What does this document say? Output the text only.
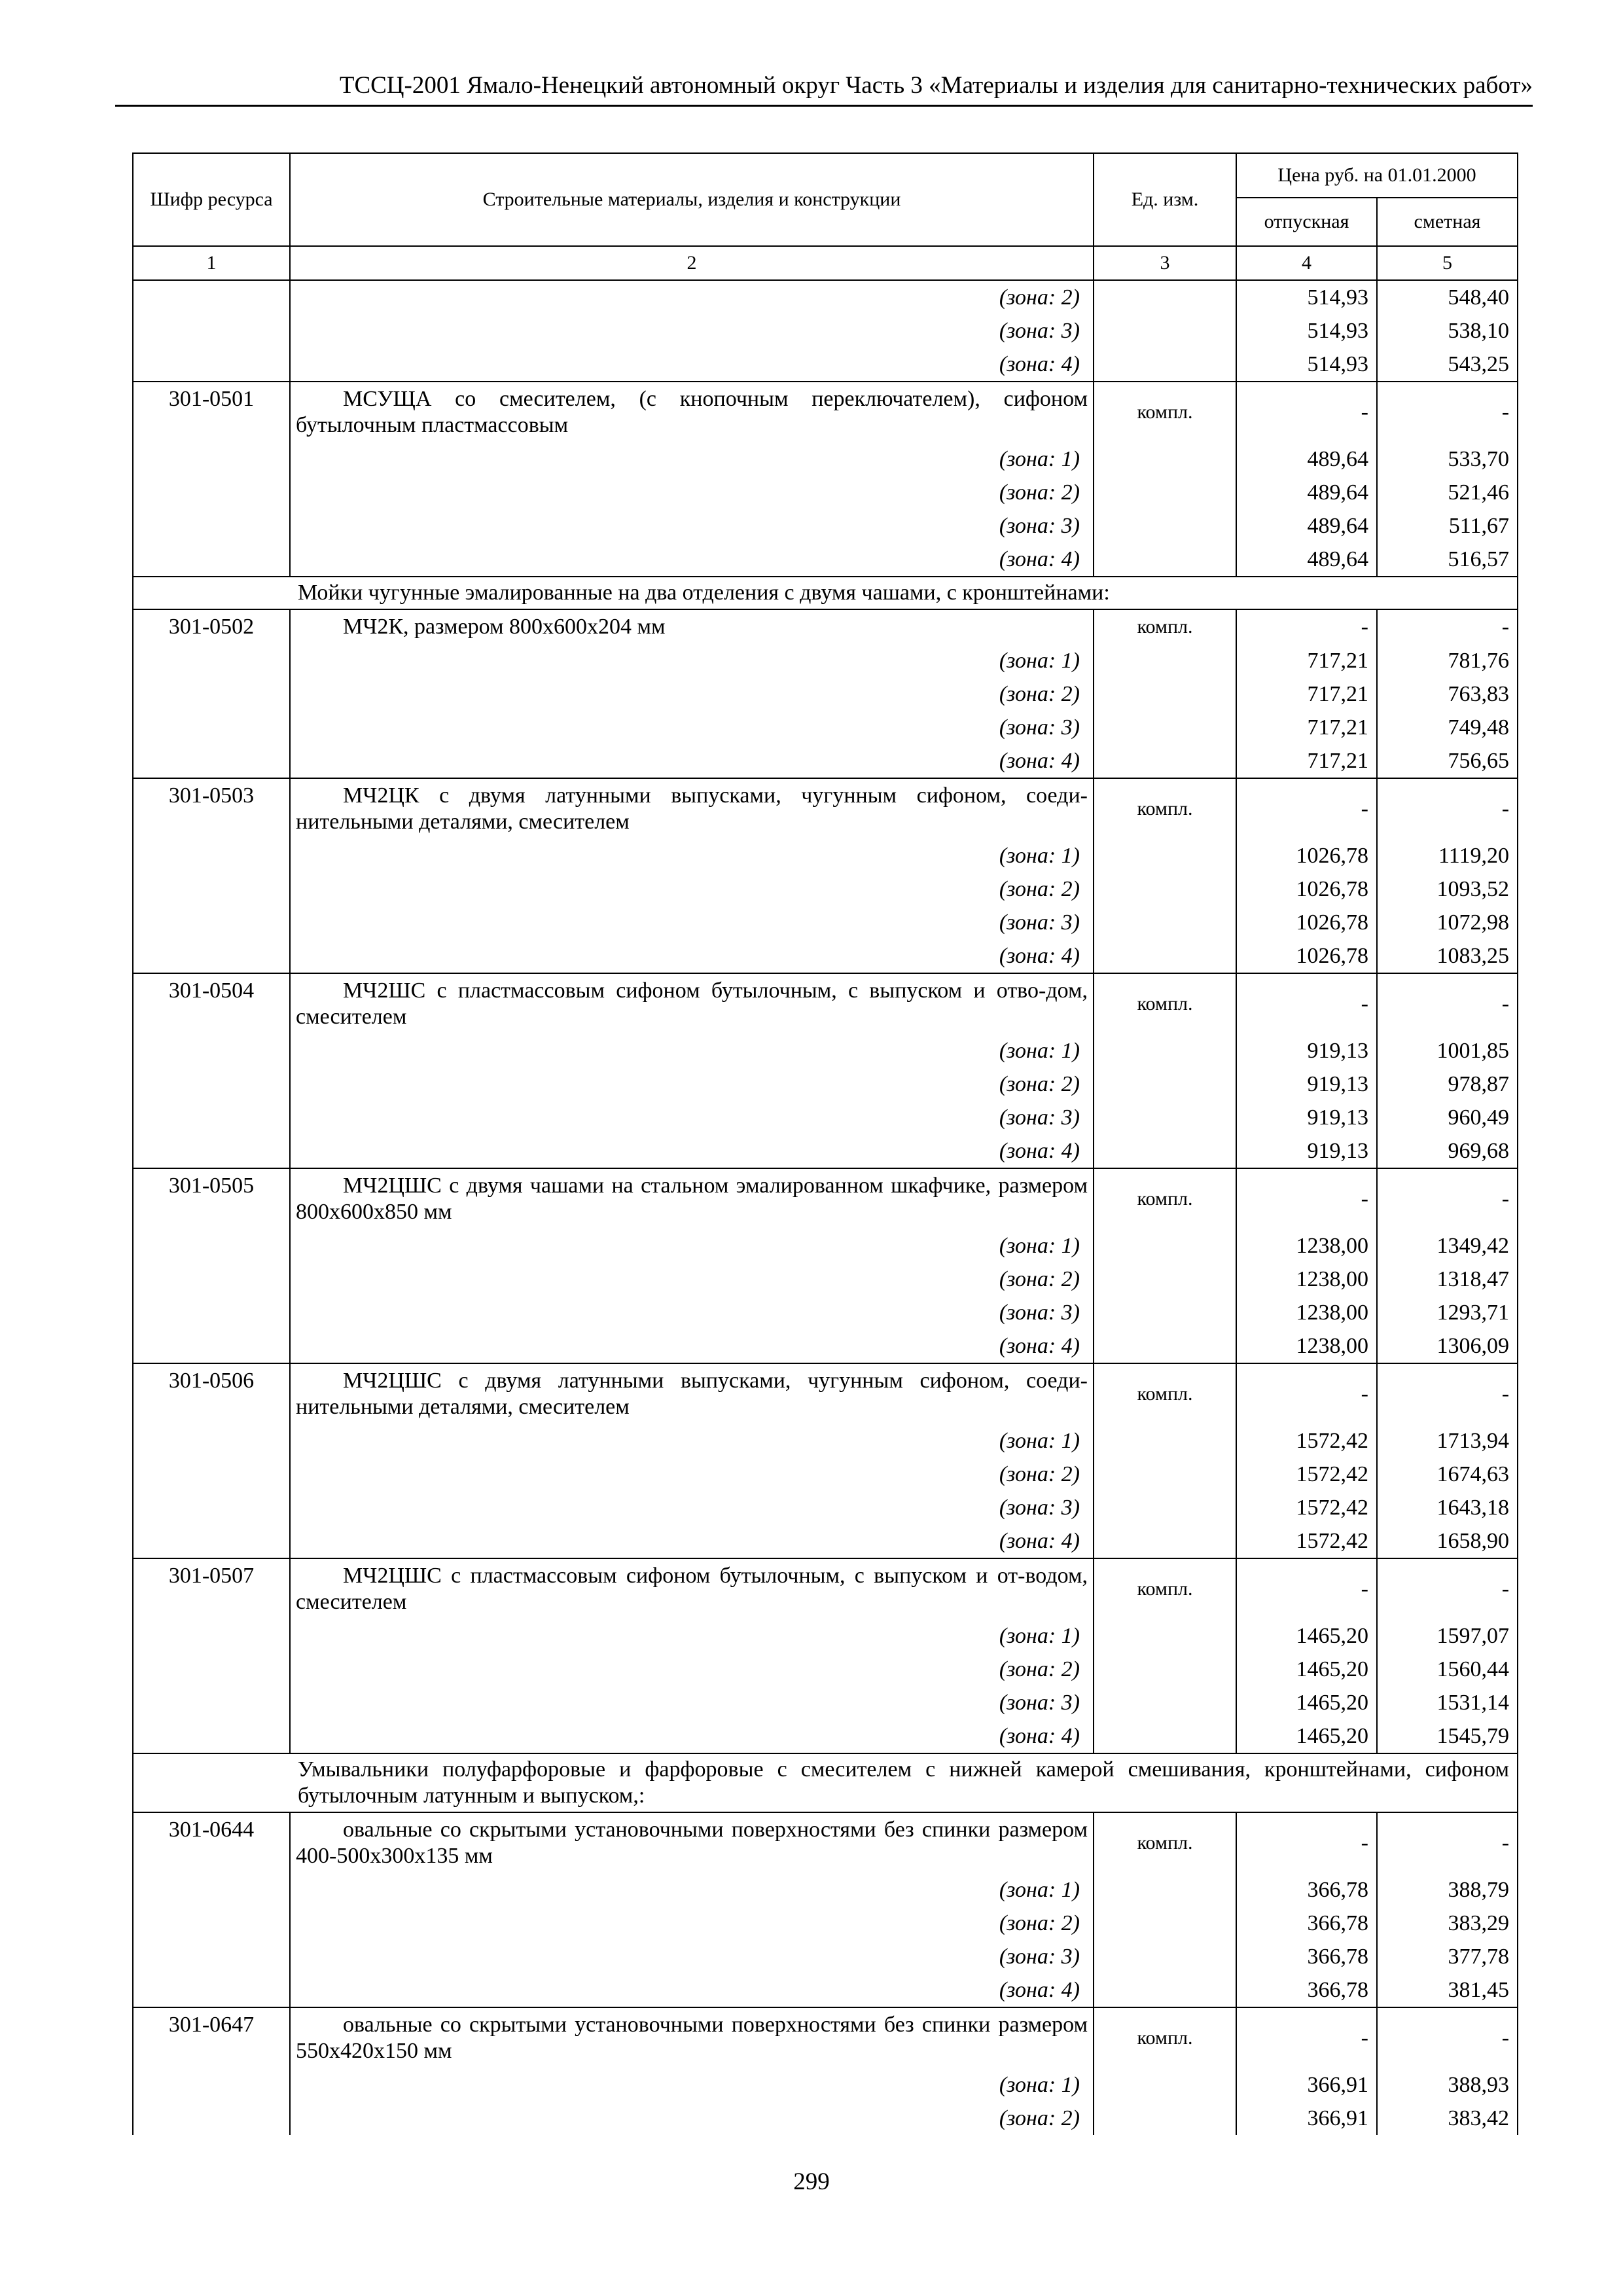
ТССЦ-2001 Ямало-Ненецкий автономный округ Часть 3 «Материалы и изделия для санитарно-технических работ»
Шифр ресурса	Строительные материалы, изделия и конструкции	Ед. изм.	Цена руб. на 01.01.2000	
			отпускная	сметная
1	2	3	4	5
	(зона: 2)		514,93	548,40
	(зона: 3)		514,93	538,10
	(зона: 4)		514,93	543,25
301-0501	МСУЩА со смесителем, (с кнопочным переключателем), сифоном бутылочным пластмассовым	компл.	-	-
	(зона: 1)		489,64	533,70
	(зона: 2)		489,64	521,46
	(зона: 3)		489,64	511,67
	(зона: 4)		489,64	516,57
	Мойки чугунные эмалированные на два отделения с двумя чашами, с кронштейнами:			
301-0502	МЧ2К, размером 800х600х204 мм	компл.	-	-
	(зона: 1)		717,21	781,76
	(зона: 2)		717,21	763,83
	(зона: 3)		717,21	749,48
	(зона: 4)		717,21	756,65
301-0503	МЧ2ЦК с двумя латунными выпусками, чугунным сифоном, соеди-нительными деталями, смесителем	компл.	-	-
	(зона: 1)		1026,78	1119,20
	(зона: 2)		1026,78	1093,52
	(зона: 3)		1026,78	1072,98
	(зона: 4)		1026,78	1083,25
301-0504	МЧ2ШС с пластмассовым сифоном бутылочным, с выпуском и отво-дом, смесителем	компл.	-	-
	(зона: 1)		919,13	1001,85
	(зона: 2)		919,13	978,87
	(зона: 3)		919,13	960,49
	(зона: 4)		919,13	969,68
301-0505	МЧ2ЦШС с двумя чашами на стальном эмалированном шкафчике, размером 800х600х850 мм	компл.	-	-
	(зона: 1)		1238,00	1349,42
	(зона: 2)		1238,00	1318,47
	(зона: 3)		1238,00	1293,71
	(зона: 4)		1238,00	1306,09
301-0506	МЧ2ЦШС с двумя латунными выпусками, чугунным сифоном, соеди-нительными деталями, смесителем	компл.	-	-
	(зона: 1)		1572,42	1713,94
	(зона: 2)		1572,42	1674,63
	(зона: 3)		1572,42	1643,18
	(зона: 4)		1572,42	1658,90
301-0507	МЧ2ЦШС с пластмассовым сифоном бутылочным, с выпуском и от-водом, смесителем	компл.	-	-
	(зона: 1)		1465,20	1597,07
	(зона: 2)		1465,20	1560,44
	(зона: 3)		1465,20	1531,14
	(зона: 4)		1465,20	1545,79
	Умывальники полуфарфоровые и фарфоровые с смесителем с нижней камерой смешивания, кронштейнами, сифоном бутылочным латунным и выпуском,:			
301-0644	овальные со скрытыми установочными поверхностями без спинки размером 400-500х300х135 мм	компл.	-	-
	(зона: 1)		366,78	388,79
	(зона: 2)		366,78	383,29
	(зона: 3)		366,78	377,78
	(зона: 4)		366,78	381,45
301-0647	овальные со скрытыми установочными поверхностями без спинки размером 550х420х150 мм	компл.	-	-
	(зона: 1)		366,91	388,93
	(зона: 2)		366,91	383,42
299
